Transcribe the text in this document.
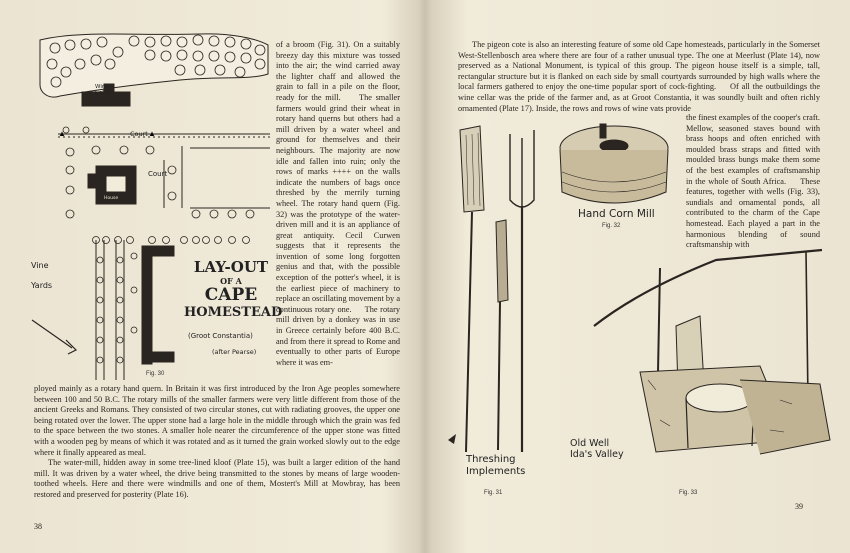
Wine
Cellar
Court
Court
House
Vine
Yards
LAY-OUT
OF A
CAPE
HOMESTEAD
(Groot Constantia)
(after Pearse)
Fig. 30
of a broom (Fig. 31). On a suitably breezy day this mixture was tossed into the air; the wind carried away the lighter chaff and allowed the grain to fall in a pile on the floor, ready for the mill.     The smaller farmers would grind their wheat in rotary hand querns but others had a mill driven by a water wheel and ground for themselves and their neighbours. The majority are now idle and fallen into ruin; only the rows of marks ++++ on the walls indicate the numbers of bags once threshed by the merrily turning wheel. The rotary hand quern (Fig. 32) was the prototype of the water-driven mill and it is an appliance of great antiquity. Cecil Curwen suggests that it represents the invention of some long forgotten genius and that, with the possible exception of the potter's wheel, it is the earliest piece of machinery to replace an oscillating movement by a continuous rotary one.     The rotary mill driven by a donkey was in use in Greece certainly before 400 B.C. and from there it spread to Rome and eventually to other parts of Europe where it was em-
ployed mainly as a rotary hand quern. In Britain it was first introduced by the Iron Age peoples somewhere between 100 and 50 B.C. The rotary mills of the smaller farmers were very little different from those of the ancient Greeks and Romans. They consisted of two circular stones, cut with radiating grooves, the upper one being rotated over the lower. The upper stone had a large hole in the middle through which the grain was fed to the space between the two stones. A smaller hole nearer the circumference of the upper stone was fitted with a wooden peg by means of which it was rotated and as it turned the grain worked slowly out to the edge where it finally appeared as meal.
The water-mill, hidden away in some tree-lined kloof (Plate 15), was built a larger edition of the hand mill. It was driven by a water wheel, the drive being transmitted to the stones by means of large wooden-toothed wheels. Here and there were windmills and one of them, Mostert's Mill at Mowbray, has been restored and preserved for posterity (Plate 16).
38
The pigeon cote is also an interesting feature of some old Cape homesteads, particularly in the Somerset West-Stellenbosch area where there are four of a rather unusual type. The one at Meerlust (Plate 14), now preserved as a National Monument, is typical of this group. The pigeon house itself is a simple, tall, rectangular structure but it is flanked on each side by small courtyards surrounded by high walls where the local farmers gathered to enjoy the one-time popular sport of cock-fighting.     Of all the outbuildings the wine cellar was the pride of the farmer and, as at Groot Constantia, it was soundly built and often richly ornamented (Plate 17). Inside, the rows and rows of wine vats provide
the finest examples of the cooper's craft. Mellow, seasoned staves bound with brass hoops and often enriched with moulded brass straps and fitted with moulded brass bungs make them some of the best examples of craftsmanship in the whole of South Africa.     These features, together with wells (Fig. 33), sundials and ornamental ponds, all contributed to the charm of the Cape homestead. Each played a part in the harmonious blending of sound craftsmanship with
Hand Corn Mill
Fig. 32
Threshing
Implements
Fig. 31
Old Well
Ida's Valley
Fig. 33
39
